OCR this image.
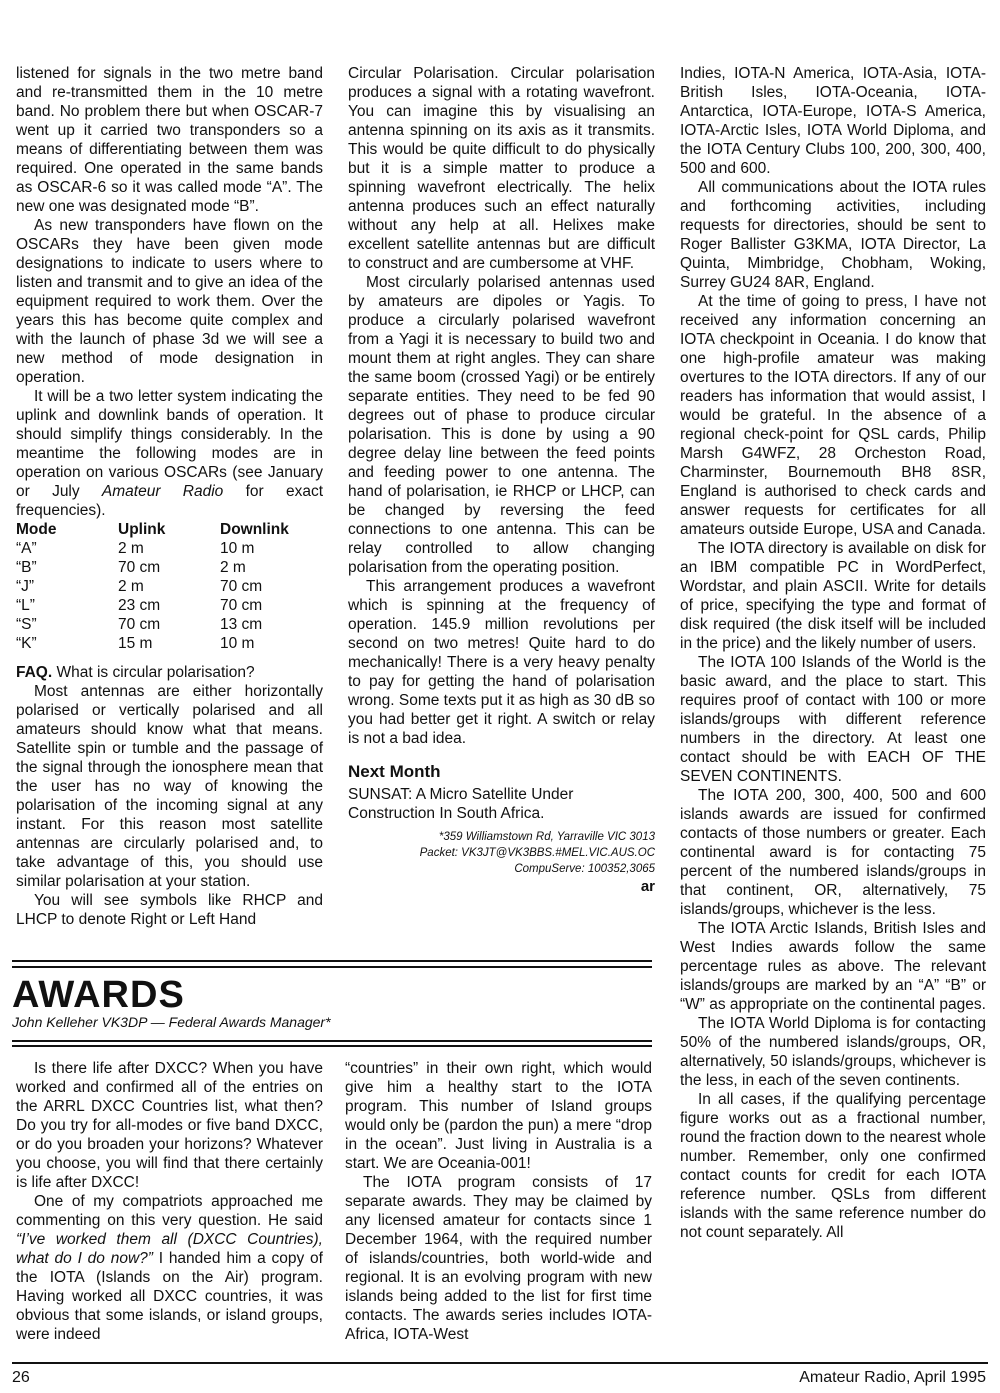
listened for signals in the two metre band and re-transmitted them in the 10 metre band. No problem there but when OSCAR-7 went up it carried two transponders so a means of differentiating between them was required. One operated in the same bands as OSCAR-6 so it was called mode “A”. The new one was designated mode “B”.

As new transponders have flown on the OSCARs they have been given mode designations to indicate to users where to listen and transmit and to give an idea of the equipment required to work them. Over the years this has become quite complex and with the launch of phase 3d we will see a new method of mode designation in operation.

It will be a two letter system indicating the uplink and downlink bands of operation. It should simplify things considerably. In the meantime the following modes are in operation on various OSCARs (see January or July Amateur Radio for exact frequencies).

Mode	Uplink	Downlink
“A”	2 m	10 m
“B”	70 cm	2 m
“J”	2 m	70 cm
“L”	23 cm	70 cm
“S”	70 cm	13 cm
“K”	15 m	10 m

FAQ. What is circular polarisation?

Most antennas are either horizontally polarised or vertically polarised and all amateurs should know what that means. Satellite spin or tumble and the passage of the signal through the ionosphere mean that the user has no way of knowing the polarisation of the incoming signal at any instant. For this reason most satellite antennas are circularly polarised and, to take advantage of this, you should use similar polarisation at your station.

You will see symbols like RHCP and LHCP to denote Right or Left Hand

Circular Polarisation. Circular polarisation produces a signal with a rotating wavefront. You can imagine this by visualising an antenna spinning on its axis as it transmits. This would be quite difficult to do physically but it is a simple matter to produce a spinning wavefront electrically. The helix antenna produces such an effect naturally without any help at all. Helixes make excellent satellite antennas but are difficult to construct and are cumbersome at VHF.

Most circularly polarised antennas used by amateurs are dipoles or Yagis. To produce a circularly polarised wavefront from a Yagi it is necessary to build two and mount them at right angles. They can share the same boom (crossed Yagi) or be entirely separate entities. They need to be fed 90 degrees out of phase to produce circular polarisation. This is done by using a 90 degree delay line between the feed points and feeding power to one antenna. The hand of polarisation, ie RHCP or LHCP, can be changed by reversing the feed connections to one antenna. This can be relay controlled to allow changing polarisation from the operating position.

This arrangement produces a wavefront which is spinning at the frequency of operation. 145.9 million revolutions per second on two metres! Quite hard to do mechanically! There is a very heavy penalty to pay for getting the hand of polarisation wrong. Some texts put it as high as 30 dB so you had better get it right. A switch or relay is not a bad idea.

Next Month

SUNSAT: A Micro Satellite Under Construction In South Africa.

*359 Williamstown Rd, Yarraville VIC 3013
Packet: VK3JT@VK3BBS.#MEL.VIC.AUS.OC
CompuServe: 100352,3065
ar

Indies, IOTA-N America, IOTA-Asia, IOTA-British Isles, IOTA-Oceania, IOTA-Antarctica, IOTA-Europe, IOTA-S America, IOTA-Arctic Isles, IOTA World Diploma, and the IOTA Century Clubs 100, 200, 300, 400, 500 and 600.

All communications about the IOTA rules and forthcoming activities, including requests for directories, should be sent to Roger Ballister G3KMA, IOTA Director, La Quinta, Mimbridge, Chobham, Woking, Surrey GU24 8AR, England.

At the time of going to press, I have not received any information concerning an IOTA checkpoint in Oceania. I do know that one high-profile amateur was making overtures to the IOTA directors. If any of our readers has information that would assist, I would be grateful. In the absence of a regional check-point for QSL cards, Philip Marsh G4WFZ, 28 Orcheston Road, Charminster, Bournemouth BH8 8SR, England is authorised to check cards and answer requests for certificates for all amateurs outside Europe, USA and Canada.

The IOTA directory is available on disk for an IBM compatible PC in WordPerfect, Wordstar, and plain ASCII. Write for details of price, specifying the type and format of disk required (the disk itself will be included in the price) and the likely number of users.

The IOTA 100 Islands of the World is the basic award, and the place to start. This requires proof of contact with 100 or more islands/groups with different reference numbers in the directory. At least one contact should be with EACH OF THE SEVEN CONTINENTS.

The IOTA 200, 300, 400, 500 and 600 islands awards are issued for confirmed contacts of those numbers or greater. Each continental award is for contacting 75 percent of the numbered islands/groups in that continent, OR, alternatively, 75 islands/groups, whichever is the less.

The IOTA Arctic Islands, British Isles and West Indies awards follow the same percentage rules as above. The relevant islands/groups are marked by an “A” “B” or “W” as appropriate on the continental pages.

The IOTA World Diploma is for contacting 50% of the numbered islands/groups, OR, alternatively, 50 islands/groups, whichever is the less, in each of the seven continents.

In all cases, if the qualifying percentage figure works out as a fractional number, round the fraction down to the nearest whole number. Remember, only one confirmed contact counts for credit for each IOTA reference number. QSLs from different islands with the same reference number do not count separately. All

AWARDS
John Kelleher VK3DP — Federal Awards Manager*

Is there life after DXCC? When you have worked and confirmed all of the entries on the ARRL DXCC Countries list, what then? Do you try for all-modes or five band DXCC, or do you broaden your horizons? Whatever you choose, you will find that there certainly is life after DXCC!

One of my compatriots approached me commenting on this very question. He said “I’ve worked them all (DXCC Countries), what do I do now?” I handed him a copy of the IOTA (Islands on the Air) program. Having worked all DXCC countries, it was obvious that some islands, or island groups, were indeed

“countries” in their own right, which would give him a healthy start to the IOTA program. This number of Island groups would only be (pardon the pun) a mere “drop in the ocean”. Just living in Australia is a start. We are Oceania-001!

The IOTA program consists of 17 separate awards. They may be claimed by any licensed amateur for contacts since 1 December 1964, with the required number of islands/countries, both world-wide and regional. It is an evolving program with new islands being added to the list for first time contacts. The awards series includes IOTA-Africa, IOTA-West

26	Amateur Radio, April 1995
